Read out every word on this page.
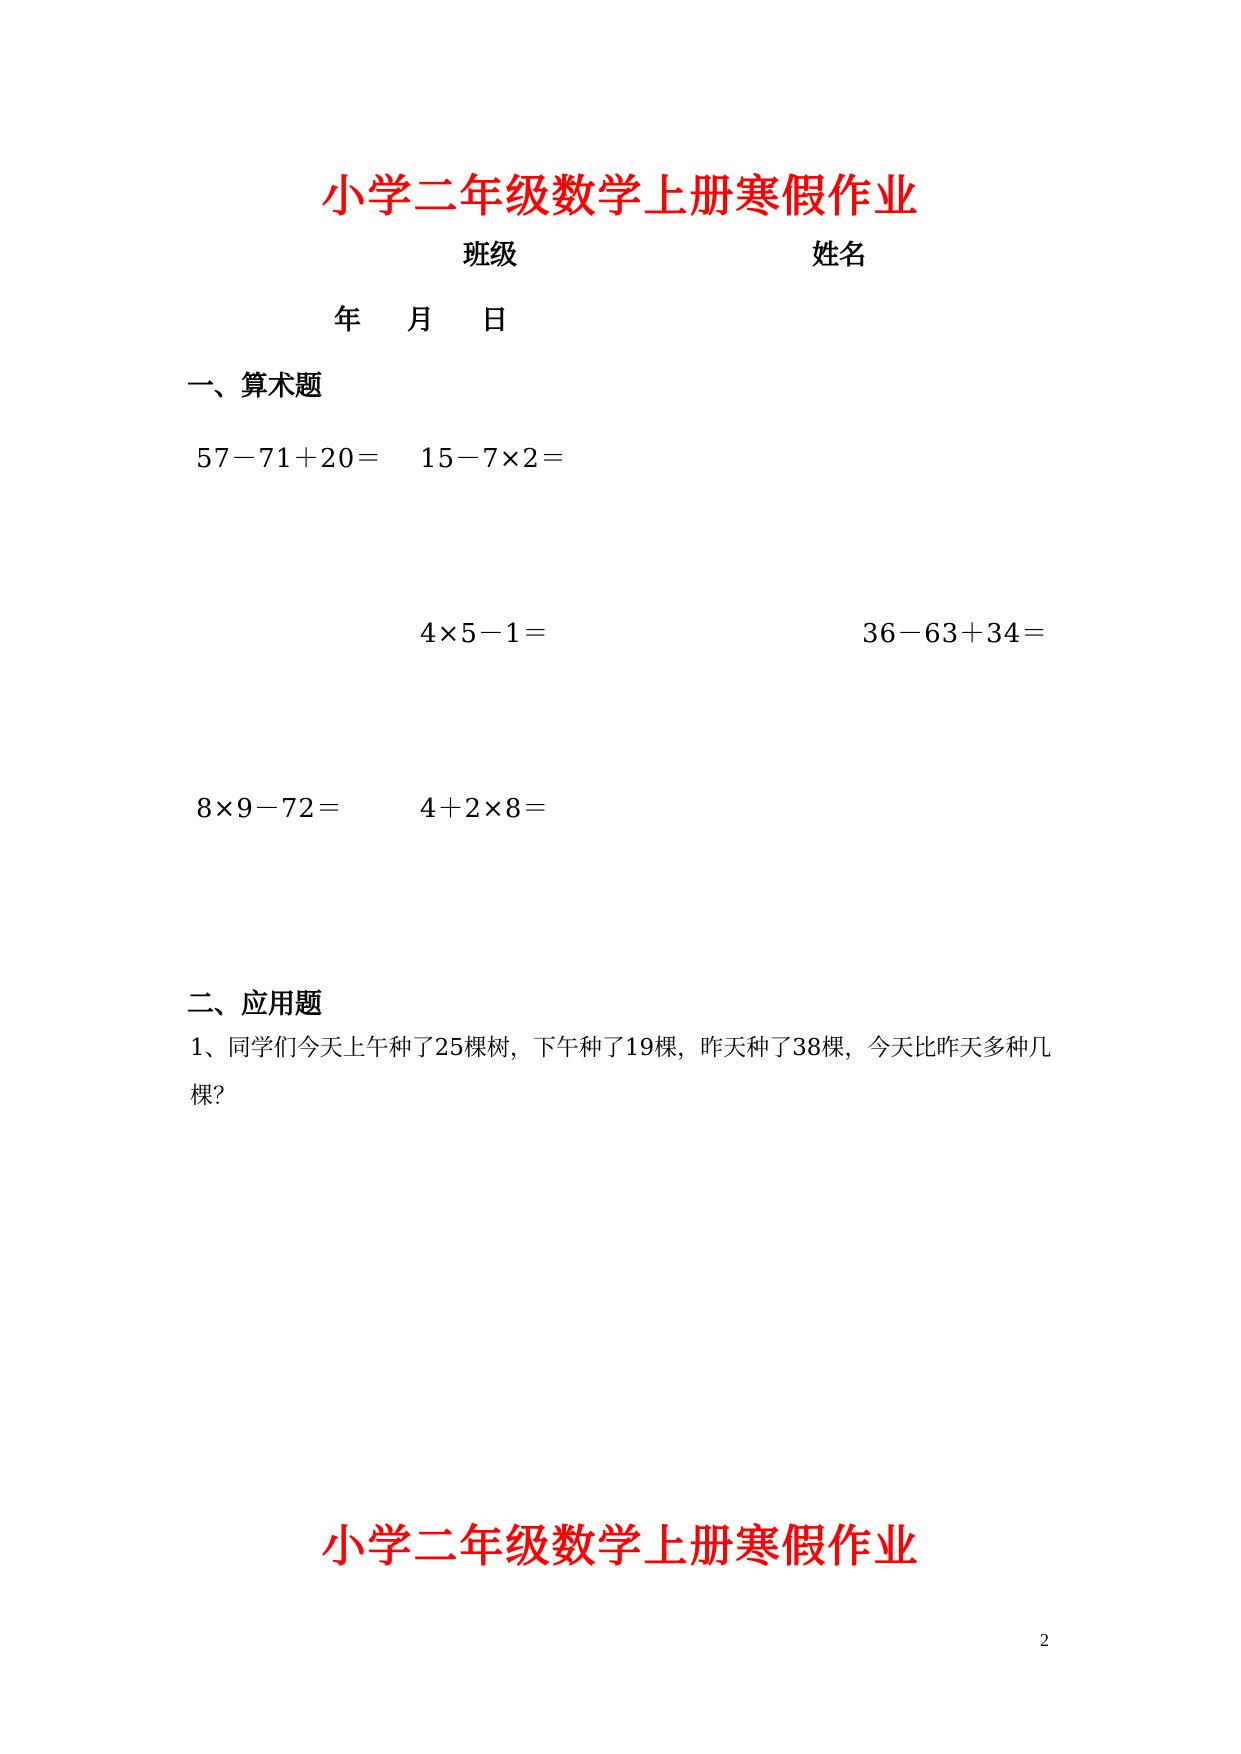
小学二年级数学上册寒假作业
班级	姓名
年 月 日
一、算术题
57－71＋20＝ 15－7×2＝
4×5－1＝	36－63＋34＝
8×9－72＝	4＋2×8＝
二、应用题
1、同学们今天上午种了25棵树，下午种了19棵，昨天种了38棵，今天比昨天多种几棵？
小学二年级数学上册寒假作业
2
